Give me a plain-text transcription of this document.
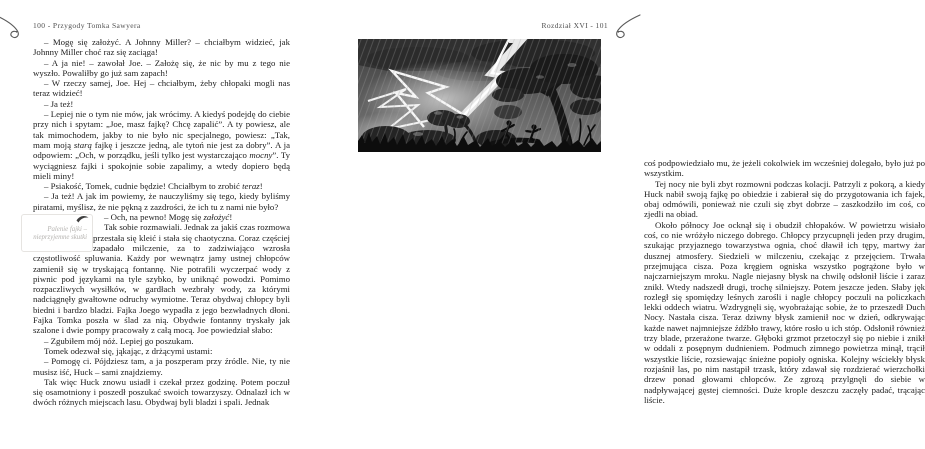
100 - Przygody Tomka Sawyera

– Mogę się założyć. A Johnny Miller? – chciałbym widzieć, jak Johnny Miller choć raz się zaciąga!

– A ja nie! – zawołał Joe. – Założę się, że nic by mu z tego nie wyszło. Powaliłby go już sam zapach!

– W rzeczy samej, Joe. Hej – chciałbym, żeby chłopaki mogli nas teraz widzieć!

– Ja też!

– Lepiej nie o tym nie mów, jak wrócimy. A kiedyś podejdę do ciebie przy nich i spytam: „Joe, masz fajkę? Chcę zapalić”. A ty powiesz, ale tak mimochodem, jakby to nie było nic specjalnego, powiesz: „Tak, mam moją starą fajkę i jeszcze jedną, ale tytoń nie jest za dobry”. A ja odpowiem: „Och, w porządku, jeśli tylko jest wystarczająco mocny”. Ty wyciągniesz fajki i spokojnie sobie zapalimy, a wtedy dopiero będą mieli miny!

– Psiakość, Tomek, cudnie będzie! Chciałbym to zrobić teraz!

– Ja też! A jak im powiemy, że nauczyliśmy się tego, kiedy byliśmy piratami, myślisz, że nie pękną z zazdrości, że ich tu z nami nie było?

Palenie fajki –
nieprzyjemne skutki
– Och, na pewno! Mogę się założyć!

Tak sobie rozmawiali. Jednak za jakiś czas rozmowa przestała się kleić i stała się chaotyczna. Coraz częściej zapadało milczenie, za to zadziwiająco wzrosła częstotliwość spluwania. Każdy por wewnątrz jamy ustnej chłopców zamienił się w tryskającą fontannę. Nie potrafili wyczerpać wody z piwnic pod językami na tyle szybko, by uniknąć powodzi. Pomimo rozpaczliwych wysiłków, w gardłach wezbrały wody, za którymi nadciągnęły gwałtowne odruchy wymiotne. Teraz obydwaj chłopcy byli biedni i bardzo bladzi. Fajka Joego wypadła z jego bezwładnych dłoni. Fajka Tomka poszła w ślad za nią. Obydwie fontanny tryskały jak szalone i dwie pompy pracowały z całą mocą. Joe powiedział słabo:

– Zgubiłem mój nóż. Lepiej go poszukam.

Tomek odezwał się, jąkając, z drżącymi ustami:

– Pomogę ci. Pójdziesz tam, a ja poszperam przy źródle. Nie, ty nie musisz iść, Huck – sami znajdziemy.

Tak więc Huck znowu usiadł i czekał przez godzinę. Potem poczuł się osamotniony i poszedł poszukać swoich towarzyszy. Odnalazł ich w dwóch różnych miejscach lasu. Obydwaj byli bladzi i spali. Jednak

Rozdział XVI - 101

coś podpowiedziało mu, że jeżeli cokolwiek im wcześniej dolegało, było już po wszystkim.

Tej nocy nie byli zbyt rozmowni podczas kolacji. Patrzyli z pokorą, a kiedy Huck nabił swoją fajkę po obiedzie i zabierał się do przygotowania ich fajek, obaj odmówili, ponieważ nie czuli się zbyt dobrze – zaszkodziło im coś, co zjedli na obiad.

Około północy Joe ocknął się i obudził chłopaków. W powietrzu wisiało coś, co nie wróżyło niczego dobrego. Chłopcy przycupnęli jeden przy drugim, szukając przyjaznego towarzystwa ognia, choć dławił ich tępy, martwy żar dusznej atmosfery. Siedzieli w milczeniu, czekając z przejęciem. Trwała przejmująca cisza. Poza kręgiem ogniska wszystko pogrążone było w najczarniejszym mroku. Nagle niejasny błysk na chwilę odsłonił liście i zaraz znikł. Wtedy nadszedł drugi, trochę silniejszy. Potem jeszcze jeden. Słaby jęk rozległ się spomiędzy leśnych zarośli i nagle chłopcy poczuli na policzkach lekki oddech wiatru. Wzdrygnęli się, wyobrażając sobie, że to przeszedł Duch Nocy. Nastała cisza. Teraz dziwny błysk zamienił noc w dzień, odkrywając każde nawet najmniejsze źdźbło trawy, które rosło u ich stóp. Odsłonił również trzy blade, przerażone twarze. Głęboki grzmot przetoczył się po niebie i znikł w oddali z posępnym dudnieniem. Podmuch zimnego powietrza minął, trącił wszystkie liście, rozsiewając śnieżne popioły ogniska. Kolejny wściekły błysk rozjaśnił las, po nim nastąpił trzask, który zdawał się rozdzierać wierzchołki drzew ponad głowami chłopców. Ze zgrozą przylgnęli do siebie w nadpływającej gęstej ciemności. Duże krople deszczu zaczęły padać, trącając liście.
